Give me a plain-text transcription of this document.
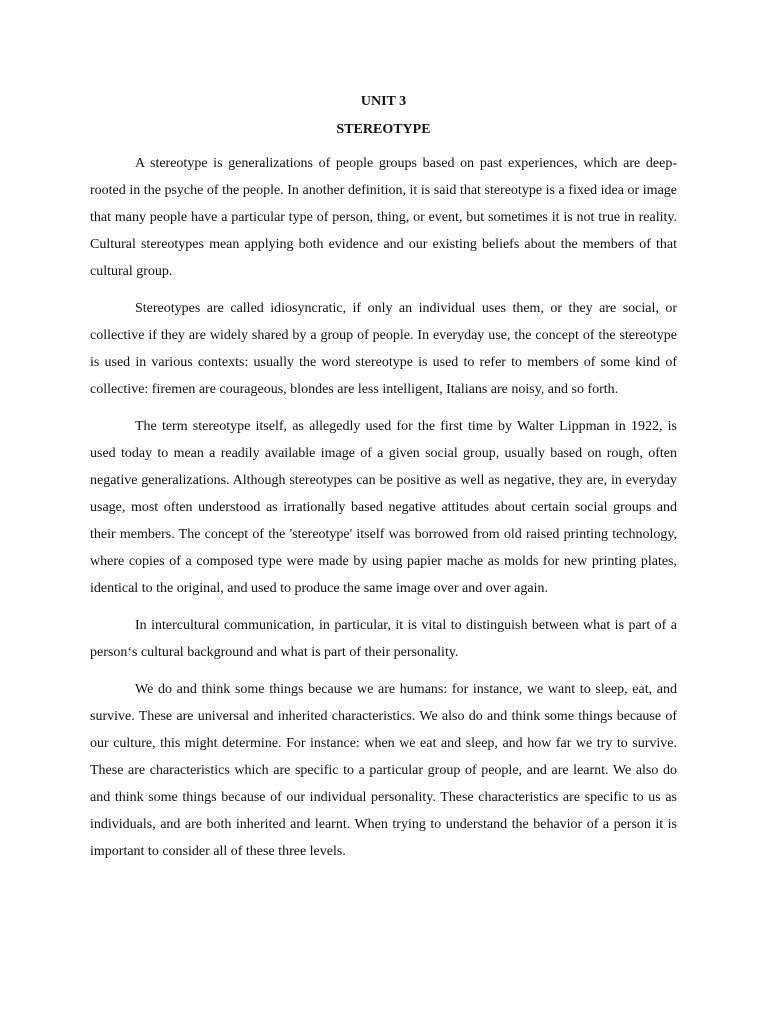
UNIT 3
STEREOTYPE

A stereotype is generalizations of people groups based on past experiences, which are deep-rooted in the psyche of the people. In another definition, it is said that stereotype is a fixed idea or image that many people have a particular type of person, thing, or event, but sometimes it is not true in reality. Cultural stereotypes mean applying both evidence and our existing beliefs about the members of that cultural group.

Stereotypes are called idiosyncratic, if only an individual uses them, or they are social, or collective if they are widely shared by a group of people. In everyday use, the concept of the stereotype is used in various contexts: usually the word stereotype is used to refer to members of some kind of collective: firemen are courageous, blondes are less intelligent, Italians are noisy, and so forth.

The term stereotype itself, as allegedly used for the first time by Walter Lippman in 1922, is used today to mean a readily available image of a given social group, usually based on rough, often negative generalizations. Although stereotypes can be positive as well as negative, they are, in everyday usage, most often understood as irrationally based negative attitudes about certain social groups and their members. The concept of the 'stereotype' itself was borrowed from old raised printing technology, where copies of a composed type were made by using papier mache as molds for new printing plates, identical to the original, and used to produce the same image over and over again.

In intercultural communication, in particular, it is vital to distinguish between what is part of a person‘s cultural background and what is part of their personality.

We do and think some things because we are humans: for instance, we want to sleep, eat, and survive. These are universal and inherited characteristics. We also do and think some things because of our culture, this might determine. For instance: when we eat and sleep, and how far we try to survive. These are characteristics which are specific to a particular group of people, and are learnt. We also do and think some things because of our individual personality. These characteristics are specific to us as individuals, and are both inherited and learnt. When trying to understand the behavior of a person it is important to consider all of these three levels.
